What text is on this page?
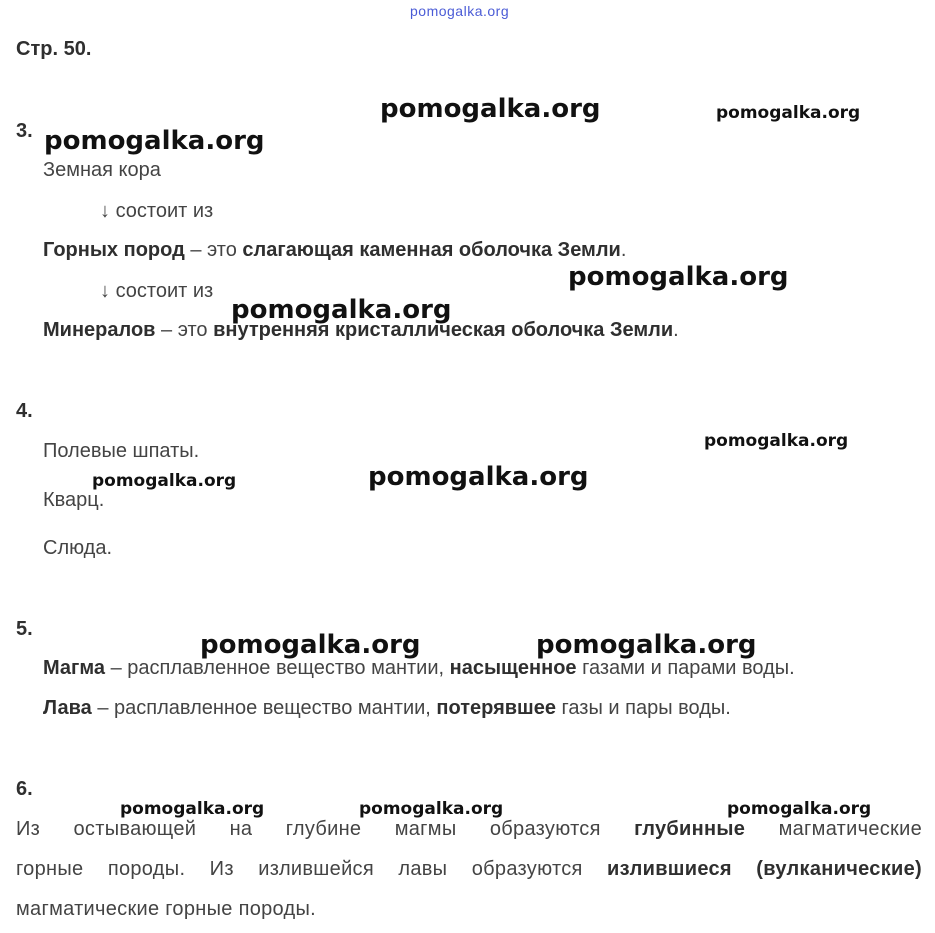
pomogalka.org
Стр. 50.
3.
Земная кора
↓ состоит из
Горных пород – это слагающая каменная оболочка Земли.
↓ состоит из
Минералов – это внутренняя кристаллическая оболочка Земли.
4.
Полевые шпаты.
Кварц.
Слюда.
5.
Магма – расплавленное вещество мантии, насыщенное газами и парами воды.
Лава – расплавленное вещество мантии, потерявшее газы и пары воды.
6.
Из остывающей на глубине магмы образуются глубинные магматические
горные породы. Из излившейся лавы образуются излившиеся (вулканические)
магматические горные породы.
pomogalka.org	pomogalka.org
pomogalka.org
pomogalka.org
pomogalka.org
pomogalka.org
pomogalka.org
pomogalka.org
pomogalka.org	pomogalka.org
pomogalka.org	pomogalka.org	pomogalka.org
